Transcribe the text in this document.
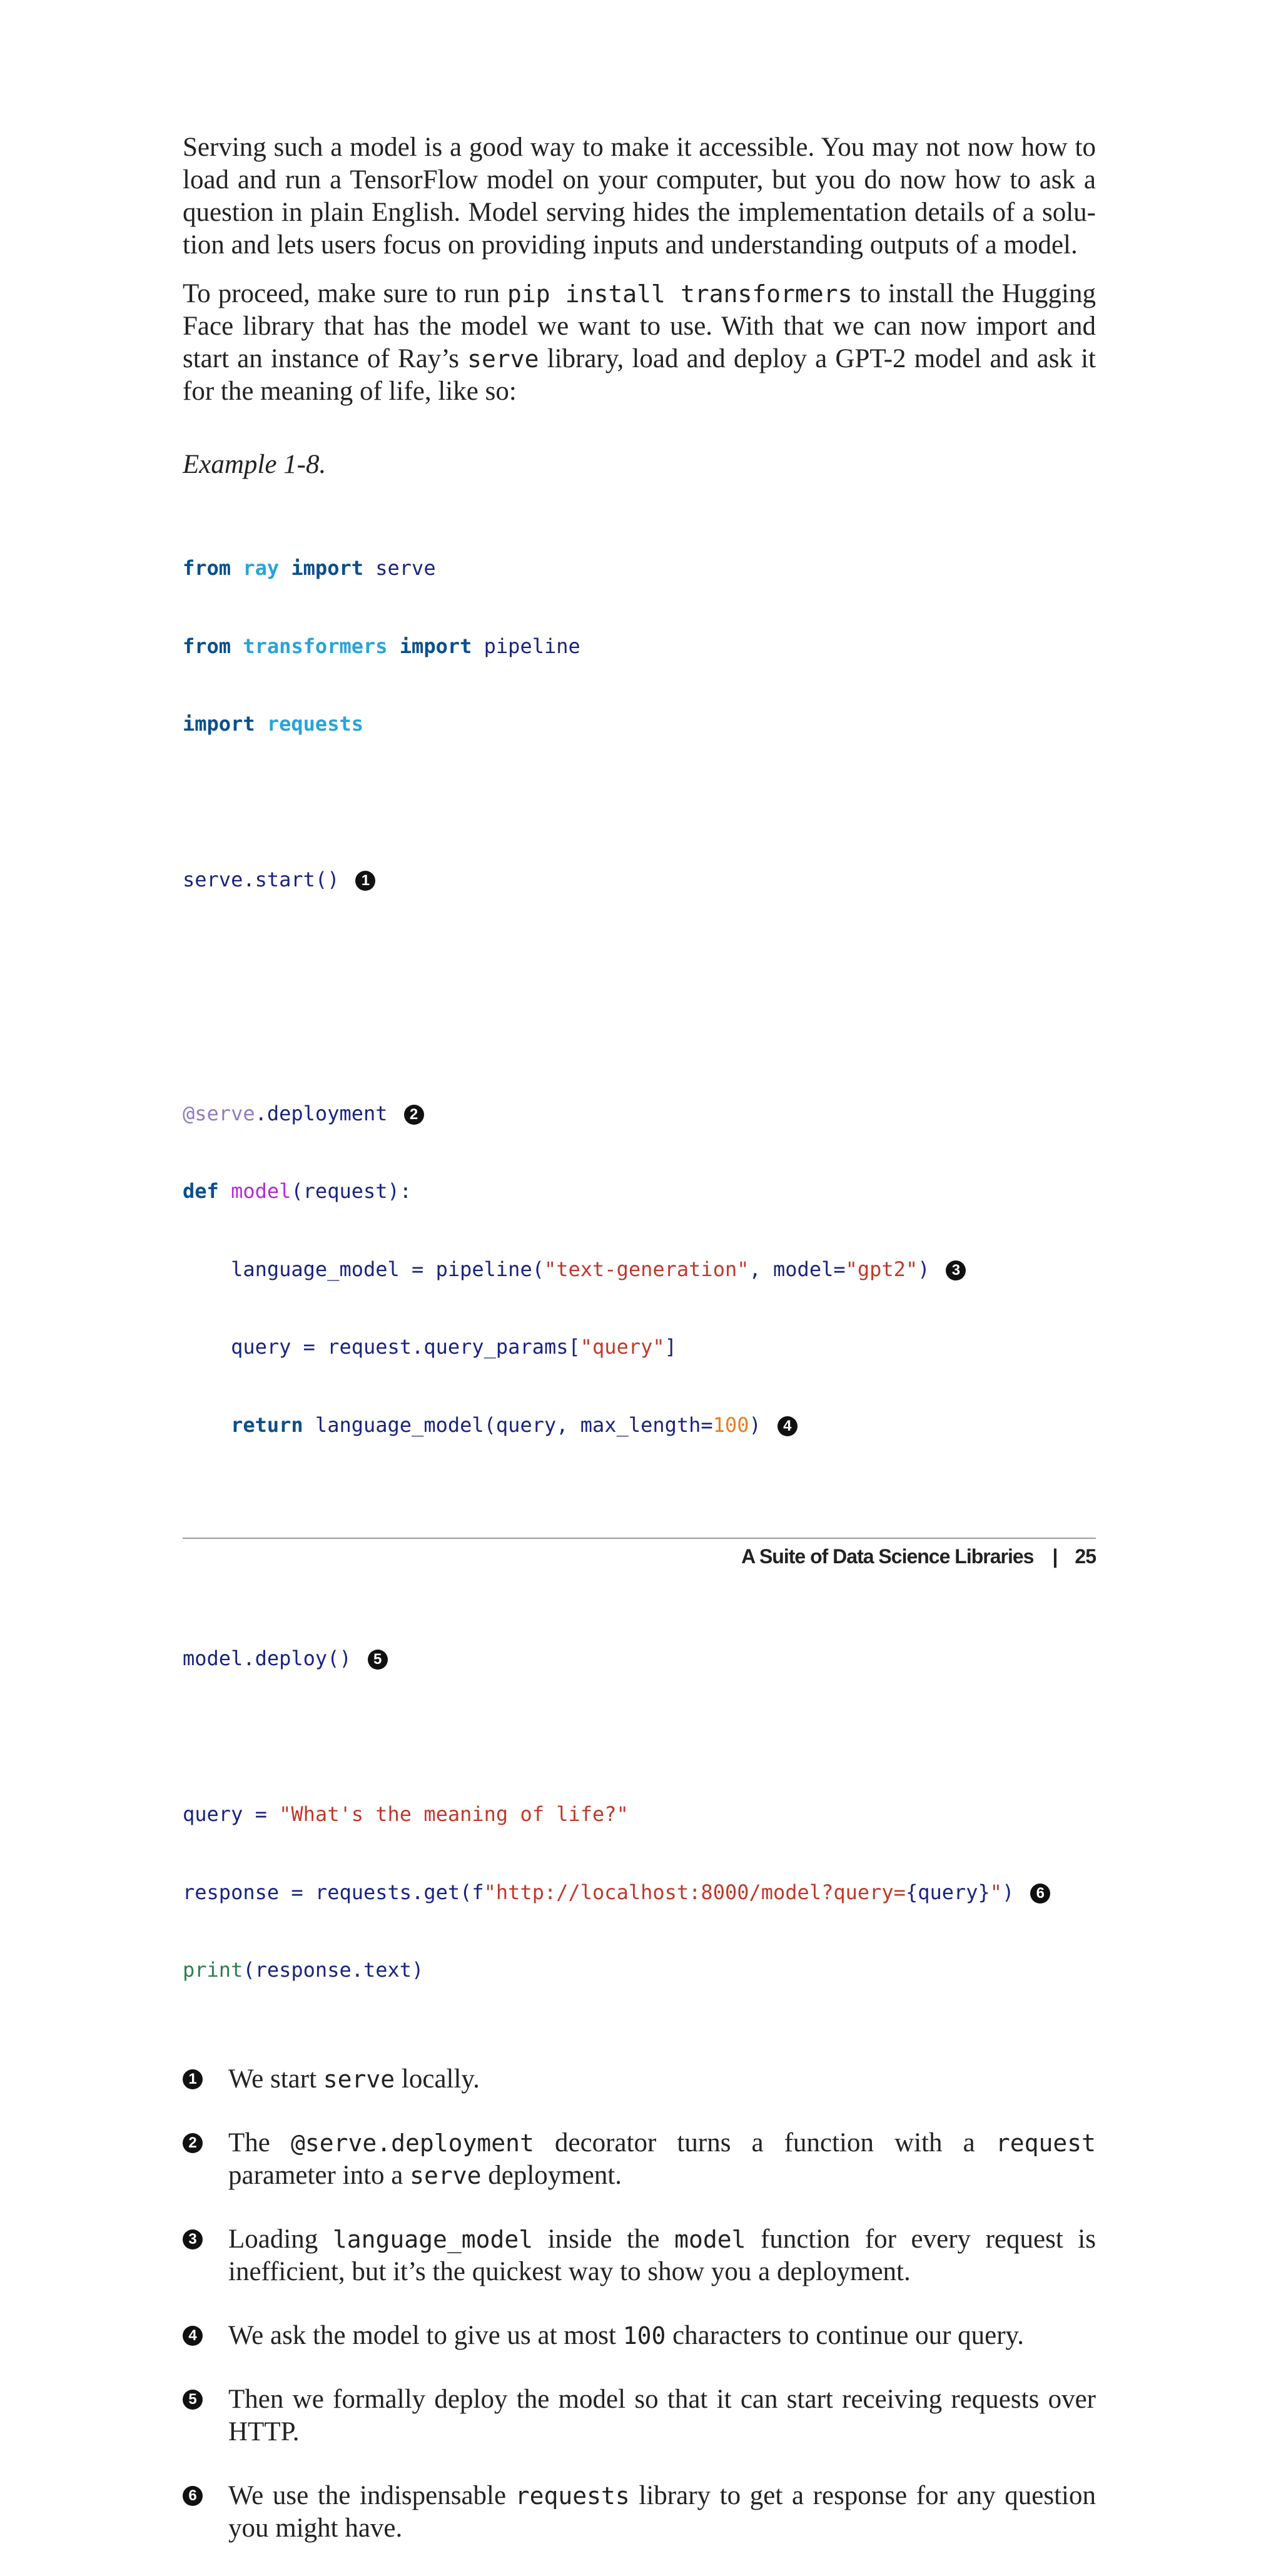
Serving such a model is a good way to make it accessible. You may not now how to load and run a TensorFlow model on your computer, but you do now how to ask a question in plain English. Model serving hides the implementation details of a solution and lets users focus on providing inputs and understanding outputs of a model.

To proceed, make sure to run pip install transformers to install the Hugging Face library that has the model we want to use. With that we can now import and start an instance of Ray’s serve library, load and deploy a GPT-2 model and ask it for the meaning of life, like so:

Example 1-8.

from ray import serve

from transformers import pipeline

import requests

serve.start() 1

@serve.deployment 2

def model(request):

language_model = pipeline("text-generation", model="gpt2") 3

query = request.query_params["query"]

return language_model(query, max_length=100) 4

model.deploy() 5

query = "What's the meaning of life?"

response = requests.get(f"http://localhost:8000/model?query={query}") 6

print(response.text)

1 We start serve locally.
2 The @serve.deployment decorator turns a function with a request parameter into a serve deployment.
3 Loading language_model inside the model function for every request is inefficient, but it’s the quickest way to show you a deployment.
4 We ask the model to give us at most 100 characters to continue our query.
5 Then we formally deploy the model so that it can start receiving requests over HTTP.
6 We use the indispensable requests library to get a response for any question you might have.
A Suite of Data Science Libraries | 25
